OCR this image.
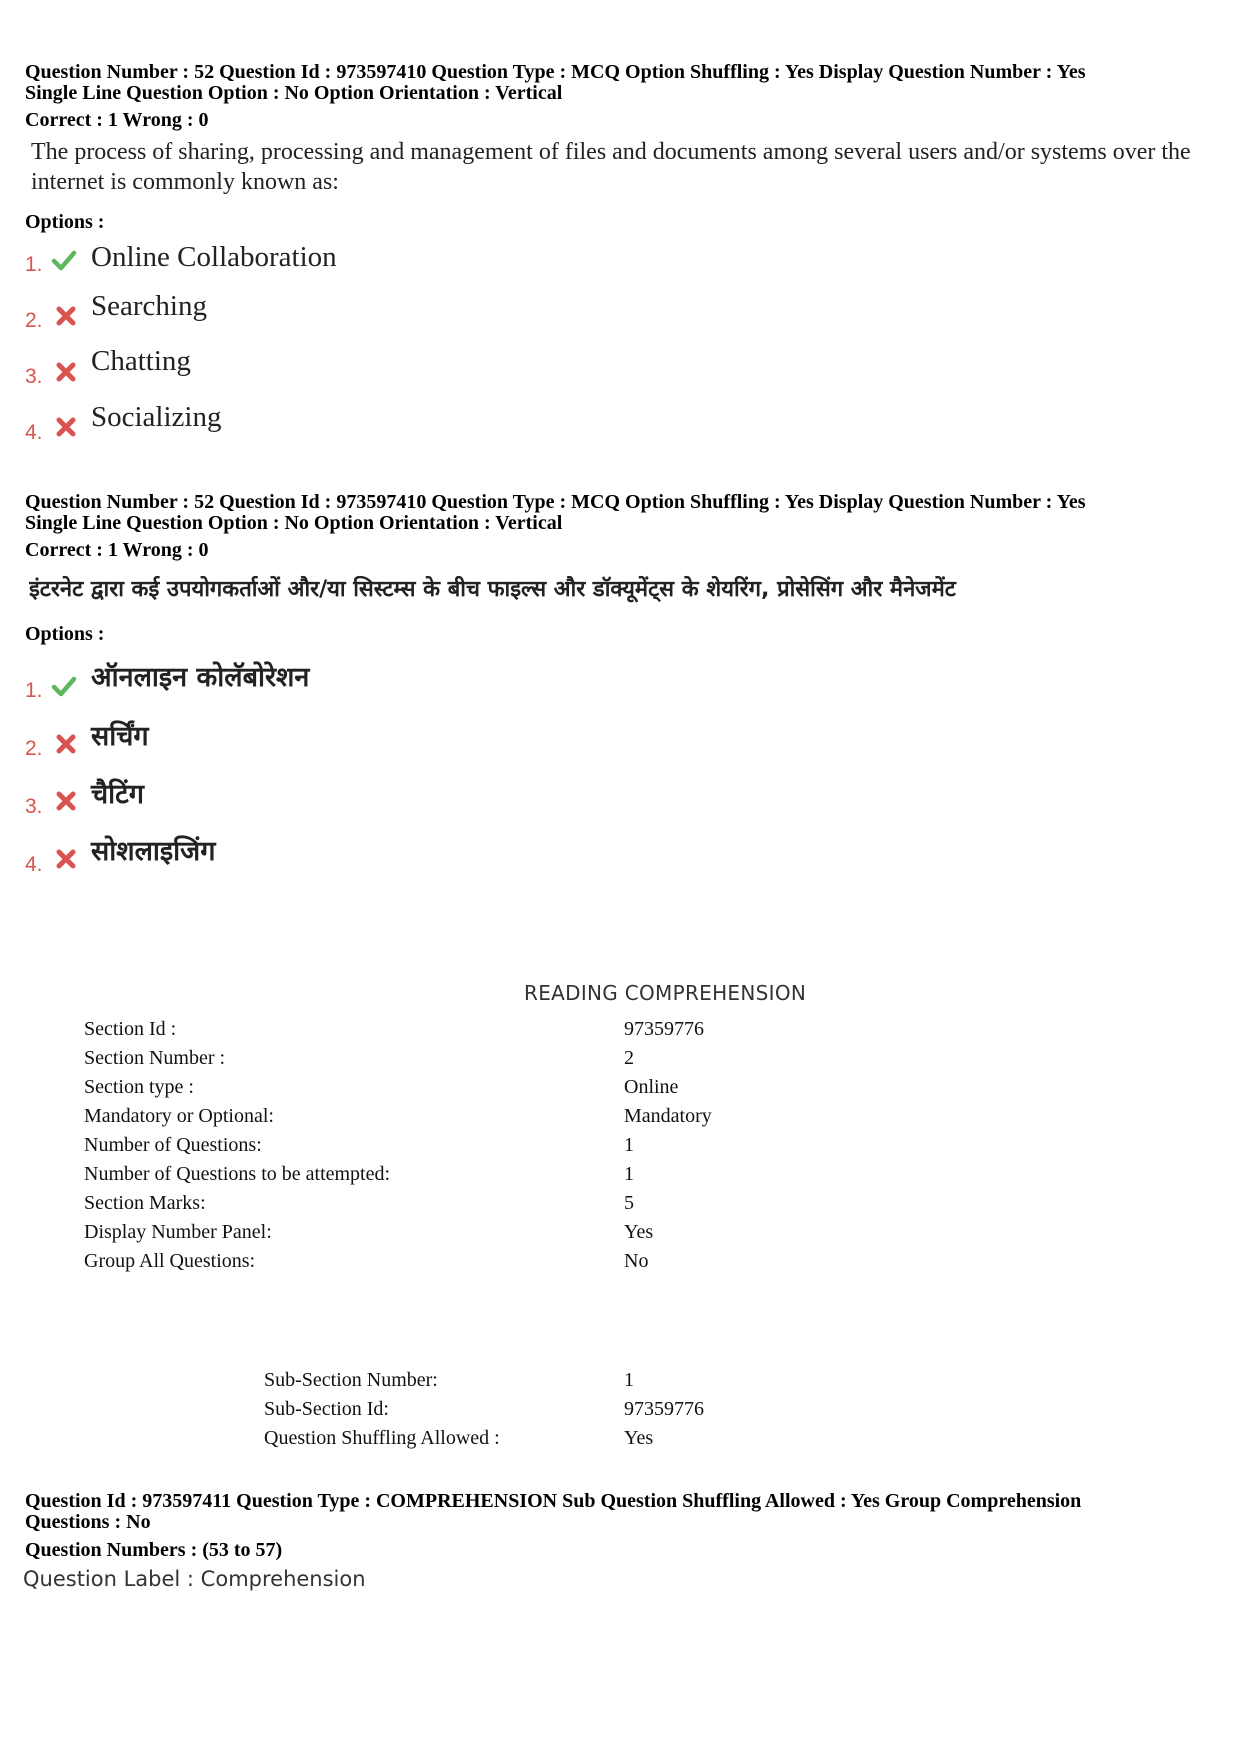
Question Number : 52 Question Id : 973597410 Question Type : MCQ Option Shuffling : Yes Display Question Number : Yes
Single Line Question Option : No Option Orientation : Vertical
Correct : 1 Wrong : 0
The process of sharing, processing and management of files and documents among several users and/or systems over the internet is commonly known as:
Options :
1. Online Collaboration
2. Searching
3. Chatting
4. Socializing
Question Number : 52 Question Id : 973597410 Question Type : MCQ Option Shuffling : Yes Display Question Number : Yes
Single Line Question Option : No Option Orientation : Vertical
Correct : 1 Wrong : 0
इंटरनेट द्वारा कई उपयोगकर्ताओं और/या सिस्टम्स के बीच फाइल्स और डॉक्यूमेंट्स के शेयरिंग, प्रोसेसिंग और मैनेजमेंट
Options :
1. ऑनलाइन कोलॅबोरेशन
2. सर्चिंग
3. चैटिंग
4. सोशलाइजिंग
READING COMPREHENSION
Section Id :	97359776
Section Number :	2
Section type :	Online
Mandatory or Optional:	Mandatory
Number of Questions:	1
Number of Questions to be attempted:	1
Section Marks:	5
Display Number Panel:	Yes
Group All Questions:	No
Sub-Section Number:	1
Sub-Section Id:	97359776
Question Shuffling Allowed :	Yes
Question Id : 973597411 Question Type : COMPREHENSION Sub Question Shuffling Allowed : Yes Group Comprehension
Questions : No
Question Numbers : (53 to 57)
Question Label : Comprehension
